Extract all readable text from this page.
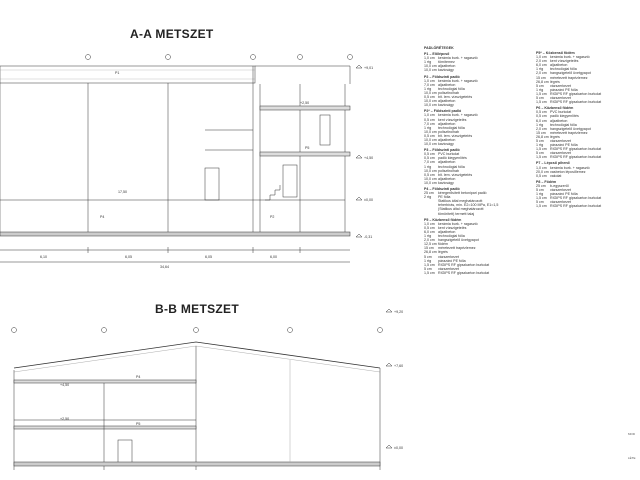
A-A METSZET
B-B METSZET
+9,01
+4,50
+2,50
±0,00
-0,31
P1
P4	P2
P5
6,10	6,05	6,05	6,00
34,64
17,50
+9,20
+7,60
+4,50
+2,50
±0,00
P4
P5
PADLÓRÉTEGEK
P1 – Előlépcső
1,0 cm kerámia burk. + ragasztó
1 rtg	tömítemez
10,0 cm aljzatbeton
10,0 cm kavicságy
P2 – Földszinti padló
1,0 cm kerámia burk. + ragasztó
7,0 cm aljzatbeton
1 rtg	technológiai fólia
10,0 cm polisztirolhab
0,5 cm bit. lem. vízszigetelés
10,0 cm aljzatbeton
10,0 cm kavicságy
P2* – Földszinti padló
1,0 cm kerámia burk. + ragasztó
0,5 cm kent vízszigetelés
7,0 cm aljzatbeton
1 rtg	technológiai fólia
10,0 cm polisztirolhab
0,5 cm bit. lem. vízszigetelés
10,0 cm aljzatbeton
10,0 cm kavicságy
P3 – Földszinti padló
0,5 cm PVC burkolat
0,5 cm padló kiegyenlítés
7,0 cm aljzatbeton
1 rtg	technológiai fólia
10,0 cm polisztirolhab
0,5 cm bit. lem. vízszigetelés
10,0 cm aljzatbeton
10,0 cm kavicságy
P4 – Földszinti padló
25 cm	kéregerősített betonipari padló
2 rtg	PE fólia
Statikus által meghatározott
teherbírás, min. E2=100 MPa, E1=1,5
(Statikus által meghatározott
tömörített) termett talaj
P5 – Közbenső födém
1,0 cm kerámia burk. + ragasztó
0,5 cm kent vízszigetelés
6,0 cm aljzatbeton
1 rtg	technológiai fólia
2,0 cm hangszigetelő üvetgyapot
12,5 cm födém
15 cm	méretezett trapézlemez
26,8 cm légrés
5 cm	vázszerkezet
1 rtg	párazáró PE fólia
1,5 cm RIGIPS RF gipszkarton burkolat
5 cm	vázszerkezet
1,5 cm RIGIPS RF gipszkarton burkolat
P5* – Közbenső födém
1,0 cm kerámia burk. + ragasztó
2,0 cm kent vízszigetelés
6,0 cm aljzatbeton
1 rtg	technológiai fólia
2,0 cm hangszigetelő üvetgyapot
15 cm	méretezett trapézlemez
26,8 cm légrés
5 cm	vázszerkezet
1 rtg	párazáró PE fólia
1,5 cm RIGIPS RF gipszkarton burkolat
5 cm	vázszerkezet
1,5 cm RIGIPS RF gipszkarton burkolat
P6 – Közbenső födém
0,5 cm PVC burkolat
0,5 cm padló kiegyenlítés
6,0 cm aljzatbeton
1 rtg	technológiai fólia
2,0 cm hangszigetelő üvetgyapot
15 cm	méretezett trapézlemez
26,8 cm légrés
5 cm	vázszerkezet
1 rtg	párazáró PE fólia
1,5 cm RIGIPS RF gipszkarton burkolat
5 cm	vázszerkezet
1,5 cm RIGIPS RF gipszkarton burkolat
P7 – Lépcső pihenő
1,0 cm kerámia burk. + ragasztó
20,0 cm vasbeton lépcsőlemez
0,5 cm vakolat
P8 – Födém
25 cm	b-egyszerűl
5 cm	vázszerkezet
1 rtg	párazáró PE fólia
1,5 cm RIGIPS RF gipszkarton burkolat
5 cm	vázszerkezet
1,5 cm RIGIPS RF gipszkarton burkolat
MOD
LÉTE
